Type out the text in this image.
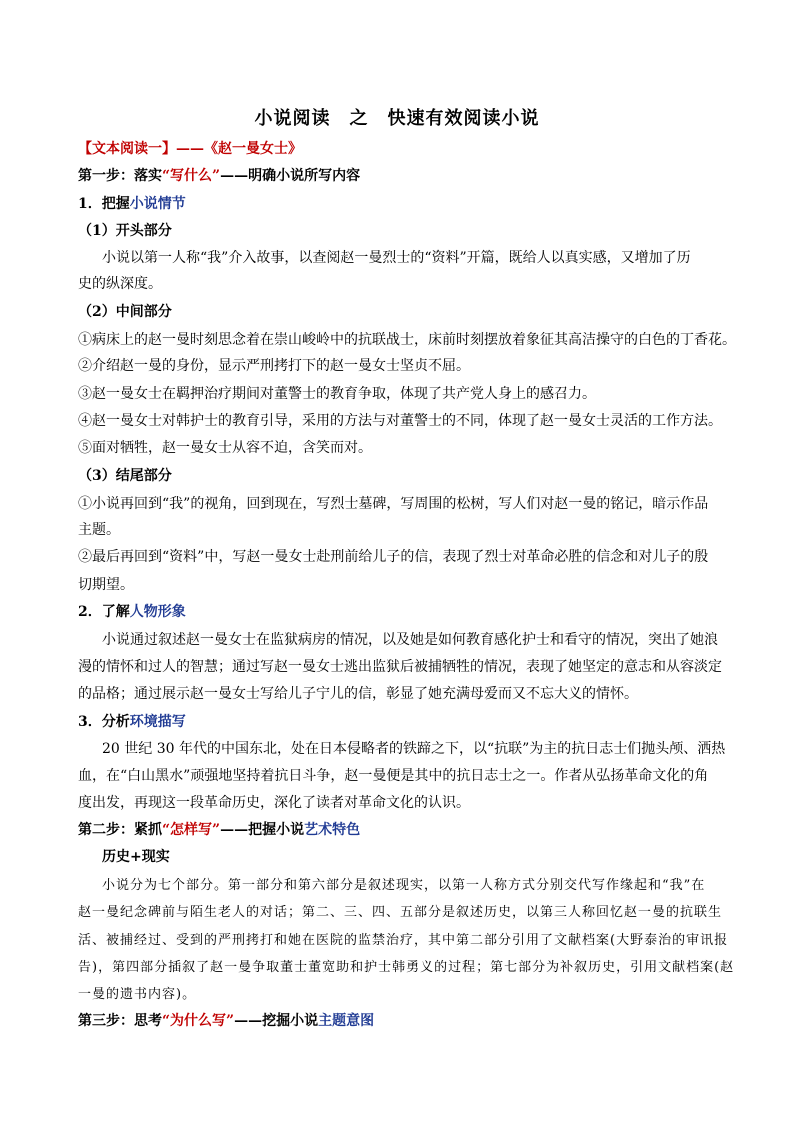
小说阅读　之　快速有效阅读小说
【文本阅读一】——《赵一曼女士》
第一步：落实“写什么”——明确小说所写内容
1．把握小说情节
（1）开头部分
小说以第一人称“我”介入故事，以查阅赵一曼烈士的“资料”开篇，既给人以真实感，又增加了历
史的纵深度。
（2）中间部分
①病床上的赵一曼时刻思念着在崇山峻岭中的抗联战士，床前时刻摆放着象征其高洁操守的白色的丁香花。
②介绍赵一曼的身份，显示严刑拷打下的赵一曼女士坚贞不屈。
③赵一曼女士在羁押治疗期间对董警士的教育争取，体现了共产党人身上的感召力。
④赵一曼女士对韩护士的教育引导，采用的方法与对董警士的不同，体现了赵一曼女士灵活的工作方法。
⑤面对牺牲，赵一曼女士从容不迫，含笑而对。
（3）结尾部分
①小说再回到“我”的视角，回到现在，写烈士墓碑，写周围的松树，写人们对赵一曼的铭记，暗示作品
主题。
②最后再回到“资料”中，写赵一曼女士赴刑前给儿子的信，表现了烈士对革命必胜的信念和对儿子的殷
切期望。
2．了解人物形象
小说通过叙述赵一曼女士在监狱病房的情况，以及她是如何教育感化护士和看守的情况，突出了她浪
漫的情怀和过人的智慧；通过写赵一曼女士逃出监狱后被捕牺牲的情况，表现了她坚定的意志和从容淡定
的品格；通过展示赵一曼女士写给儿子宁儿的信，彰显了她充满母爱而又不忘大义的情怀。
3．分析环境描写
20 世纪 30 年代的中国东北，处在日本侵略者的铁蹄之下，以“抗联”为主的抗日志士们抛头颅、洒热
血，在“白山黑水”顽强地坚持着抗日斗争，赵一曼便是其中的抗日志士之一。作者从弘扬革命文化的角
度出发，再现这一段革命历史，深化了读者对革命文化的认识。
第二步：紧抓“怎样写”——把握小说艺术特色
历史+现实
小说分为七个部分。第一部分和第六部分是叙述现实，以第一人称方式分别交代写作缘起和“我”在
赵一曼纪念碑前与陌生老人的对话；第二、三、四、五部分是叙述历史，以第三人称回忆赵一曼的抗联生
活、被捕经过、受到的严刑拷打和她在医院的监禁治疗，其中第二部分引用了文献档案(大野泰治的审讯报
告)，第四部分插叙了赵一曼争取董士董宽助和护士韩勇义的过程；第七部分为补叙历史，引用文献档案(赵
一曼的遗书内容)。
第三步：思考“为什么写”——挖掘小说主题意图
